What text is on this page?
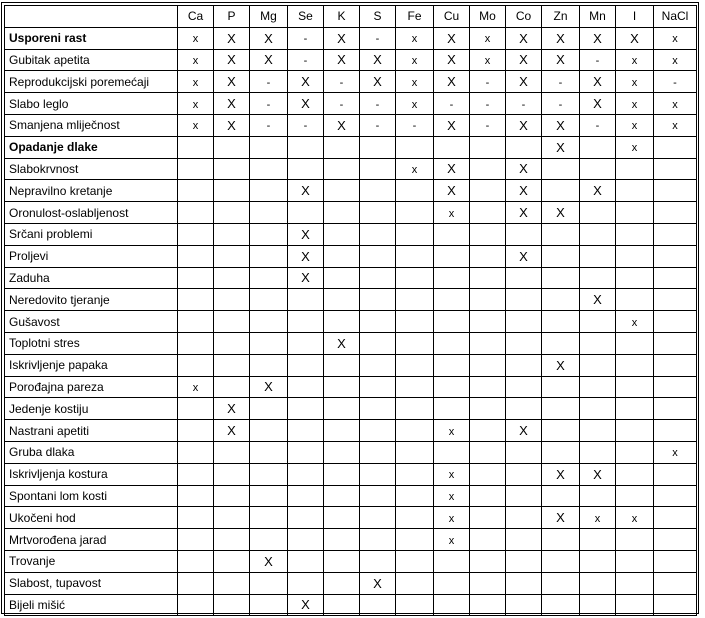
	Ca	P	Mg	Se	K	S	Fe	Cu	Mo	Co	Zn	Mn	I	NaCl
Usporeni rast	x	X	X	-	X	-	x	X	x	X	X	X	X	x
Gubitak apetita	x	X	X	-	X	X	x	X	x	X	X	-	x	x
Reprodukcijski poremećaji	x	X	-	X	-	X	x	X	-	X	-	X	x	-
Slabo leglo	x	X	-	X	-	-	x	-	-	-	-	X	x	x
Smanjena mliječnost	x	X	-	-	X	-	-	X	-	X	X	-	x	x
Opadanje dlake											X		x	
Slabokrvnost							x	X		X				
Nepravilno kretanje				X				X		X		X		
Oronulost-oslabljenost								x		X	X			
Srčani problemi				X										
Proljevi				X						X				
Zaduha				X										
Neredovito tjeranje												X		
Gušavost													x	
Toplotni stres					X									
Iskrivljenje papaka											X			
Porođajna pareza	x		X											
Jedenje kostiju		X												
Nastrani apetiti		X						x		X				
Gruba dlaka														x
Iskrivljenja kostura								x			X	X		
Spontani lom kosti								x						
Ukočeni hod								x			X	x	x	
Mrtvorođena jarad								x						
Trovanje			X											
Slabost, tupavost						X								
Bijeli mišić				X										
